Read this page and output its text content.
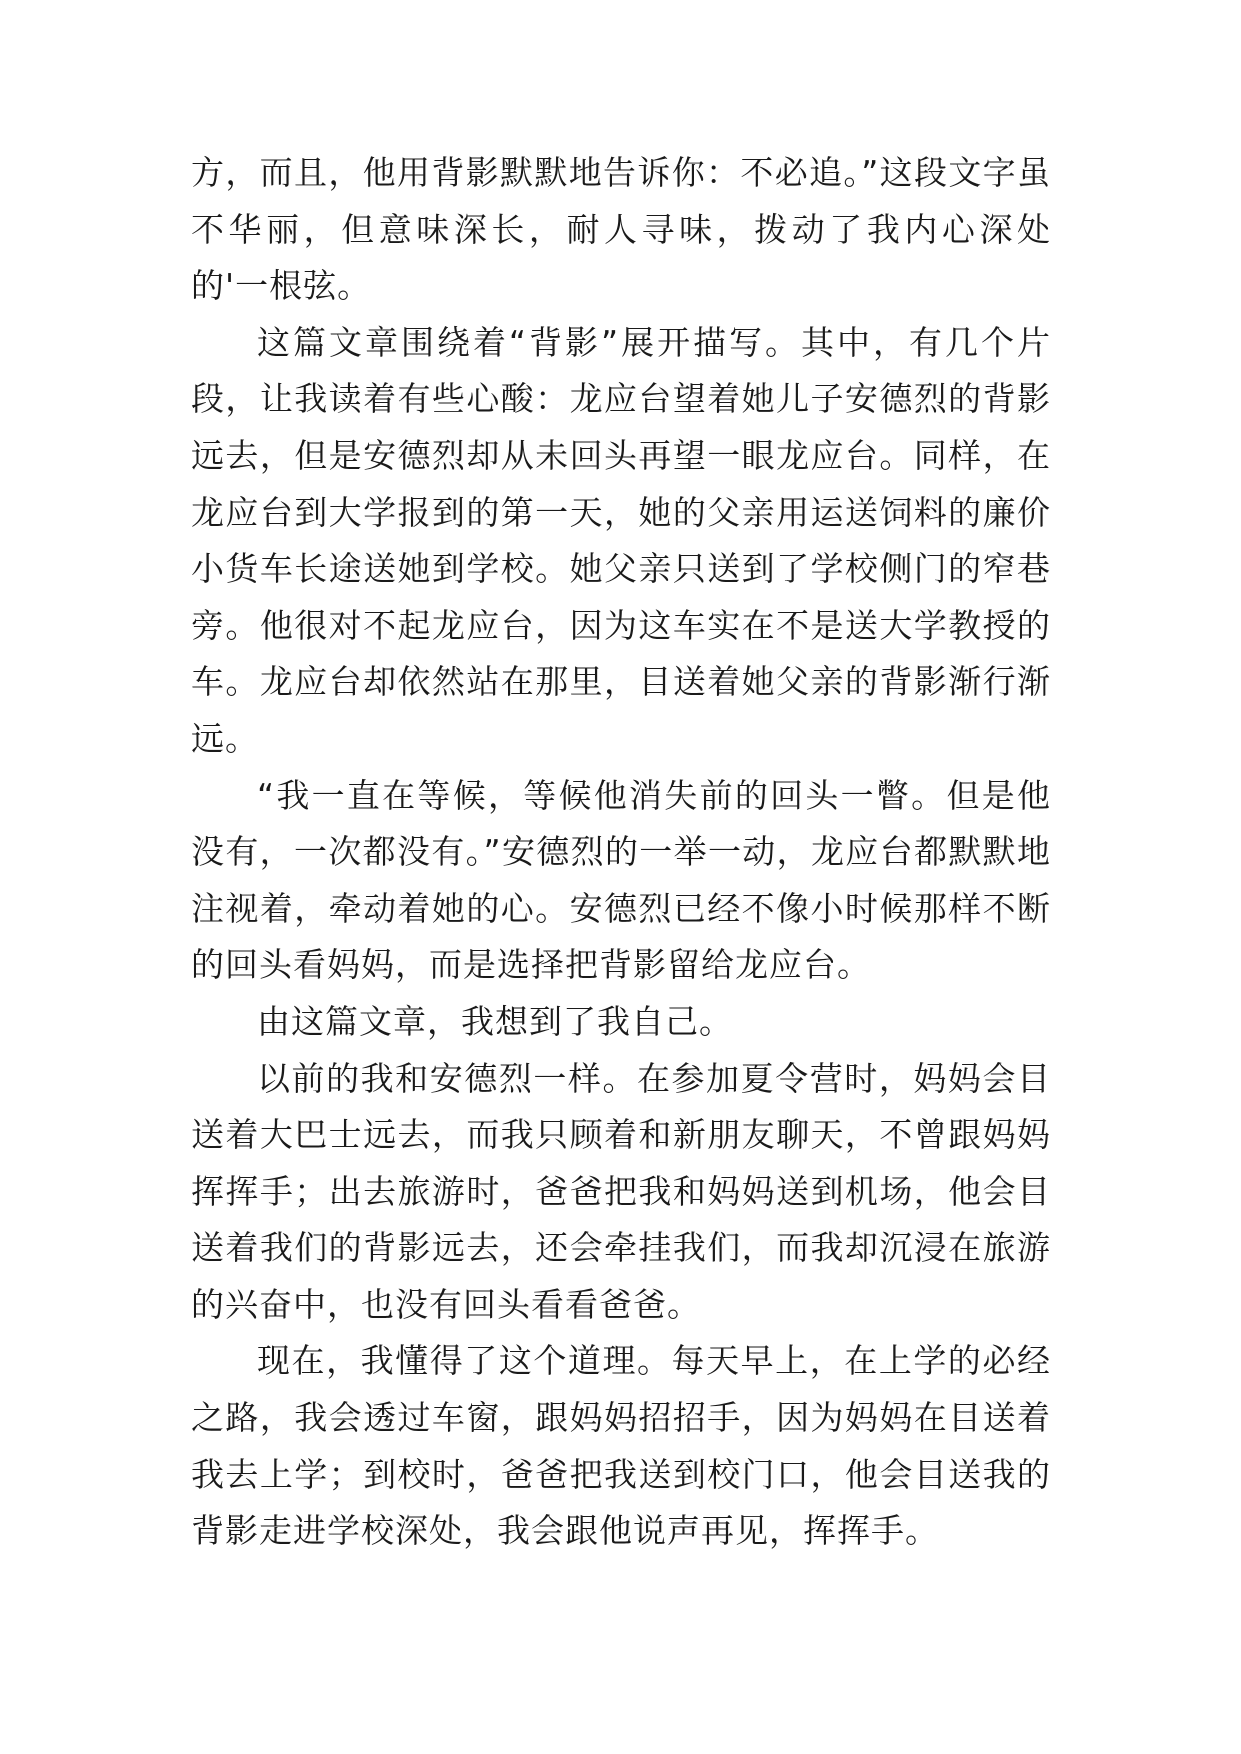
方，而且，他用背影默默地告诉你：不必追。”这段文字虽不华丽，但意味深长，耐人寻味，拨动了我内心深处的'一根弦。

这篇文章围绕着“背影”展开描写。其中，有几个片段，让我读着有些心酸：龙应台望着她儿子安德烈的背影远去，但是安德烈却从未回头再望一眼龙应台。同样，在龙应台到大学报到的第一天，她的父亲用运送饲料的廉价小货车长途送她到学校。她父亲只送到了学校侧门的窄巷旁。他很对不起龙应台，因为这车实在不是送大学教授的车。龙应台却依然站在那里，目送着她父亲的背影渐行渐远。

“我一直在等候，等候他消失前的回头一瞥。但是他没有，一次都没有。”安德烈的一举一动，龙应台都默默地注视着，牵动着她的心。安德烈已经不像小时候那样不断的回头看妈妈，而是选择把背影留给龙应台。

由这篇文章，我想到了我自己。

以前的我和安德烈一样。在参加夏令营时，妈妈会目送着大巴士远去，而我只顾着和新朋友聊天，不曾跟妈妈挥挥手；出去旅游时，爸爸把我和妈妈送到机场，他会目送着我们的背影远去，还会牵挂我们，而我却沉浸在旅游的兴奋中，也没有回头看看爸爸。

现在，我懂得了这个道理。每天早上，在上学的必经之路，我会透过车窗，跟妈妈招招手，因为妈妈在目送着我去上学；到校时，爸爸把我送到校门口，他会目送我的背影走进学校深处，我会跟他说声再见，挥挥手。
